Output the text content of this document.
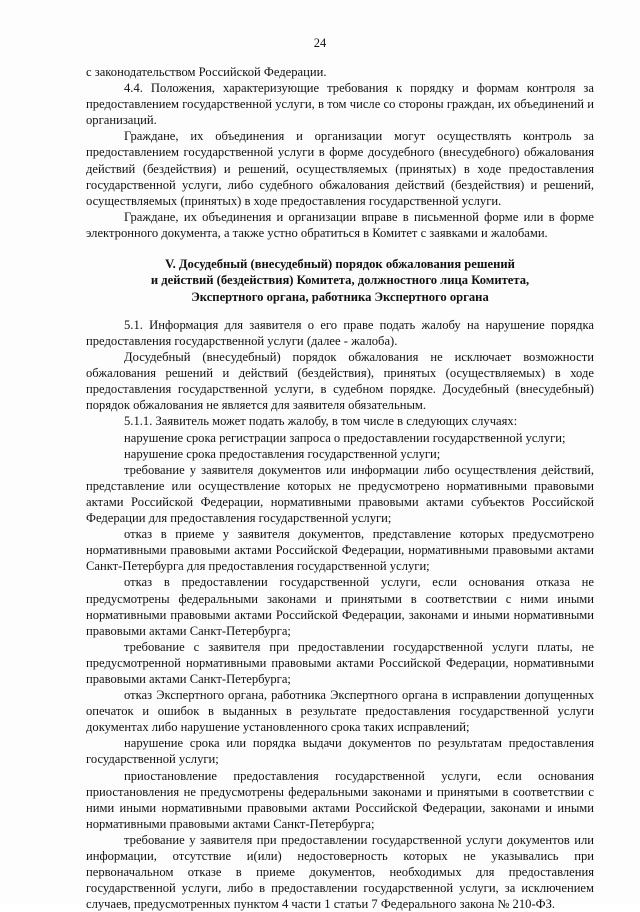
24

с законодательством Российской Федерации.

4.4. Положения, характеризующие требования к порядку и формам контроля за предоставлением государственной услуги, в том числе со стороны граждан, их объединений и организаций.

Граждане, их объединения и организации могут осуществлять контроль за предоставлением государственной услуги в форме досудебного (внесудебного) обжалования действий (бездействия) и решений, осуществляемых (принятых) в ходе предоставления государственной услуги, либо судебного обжалования действий (бездействия) и решений, осуществляемых (принятых) в ходе предоставления государственной услуги.

Граждане, их объединения и организации вправе в письменной форме или в форме электронного документа, а также устно обратиться в Комитет с заявками и жалобами.

V. Досудебный (внесудебный) порядок обжалования решений
и действий (бездействия) Комитета, должностного лица Комитета,
Экспертного органа, работника Экспертного органа

5.1. Информация для заявителя о его праве подать жалобу на нарушение порядка предоставления государственной услуги (далее - жалоба).

Досудебный (внесудебный) порядок обжалования не исключает возможности обжалования решений и действий (бездействия), принятых (осуществляемых) в ходе предоставления государственной услуги, в судебном порядке. Досудебный (внесудебный) порядок обжалования не является для заявителя обязательным.

5.1.1. Заявитель может подать жалобу, в том числе в следующих случаях:

нарушение срока регистрации запроса о предоставлении государственной услуги;

нарушение срока предоставления государственной услуги;

требование у заявителя документов или информации либо осуществления действий, представление или осуществление которых не предусмотрено нормативными правовыми актами Российской Федерации, нормативными правовыми актами субъектов Российской Федерации для предоставления государственной услуги;

отказ в приеме у заявителя документов, представление которых предусмотрено нормативными правовыми актами Российской Федерации, нормативными правовыми актами Санкт-Петербурга для предоставления государственной услуги;

отказ в предоставлении государственной услуги, если основания отказа не предусмотрены федеральными законами и принятыми в соответствии с ними иными нормативными правовыми актами Российской Федерации, законами и иными нормативными правовыми актами Санкт-Петербурга;

требование с заявителя при предоставлении государственной услуги платы, не предусмотренной нормативными правовыми актами Российской Федерации, нормативными правовыми актами Санкт-Петербурга;

отказ Экспертного органа, работника Экспертного органа в исправлении допущенных опечаток и ошибок в выданных в результате предоставления государственной услуги документах либо нарушение установленного срока таких исправлений;

нарушение срока или порядка выдачи документов по результатам предоставления государственной услуги;

приостановление предоставления государственной услуги, если основания приостановления не предусмотрены федеральными законами и принятыми в соответствии с ними иными нормативными правовыми актами Российской Федерации, законами и иными нормативными правовыми актами Санкт-Петербурга;

требование у заявителя при предоставлении государственной услуги документов или информации, отсутствие и(или) недостоверность которых не указывались при первоначальном отказе в приеме документов, необходимых для предоставления государственной услуги, либо в предоставлении государственной услуги, за исключением случаев, предусмотренных пунктом 4 части 1 статьи 7 Федерального закона № 210-ФЗ.
